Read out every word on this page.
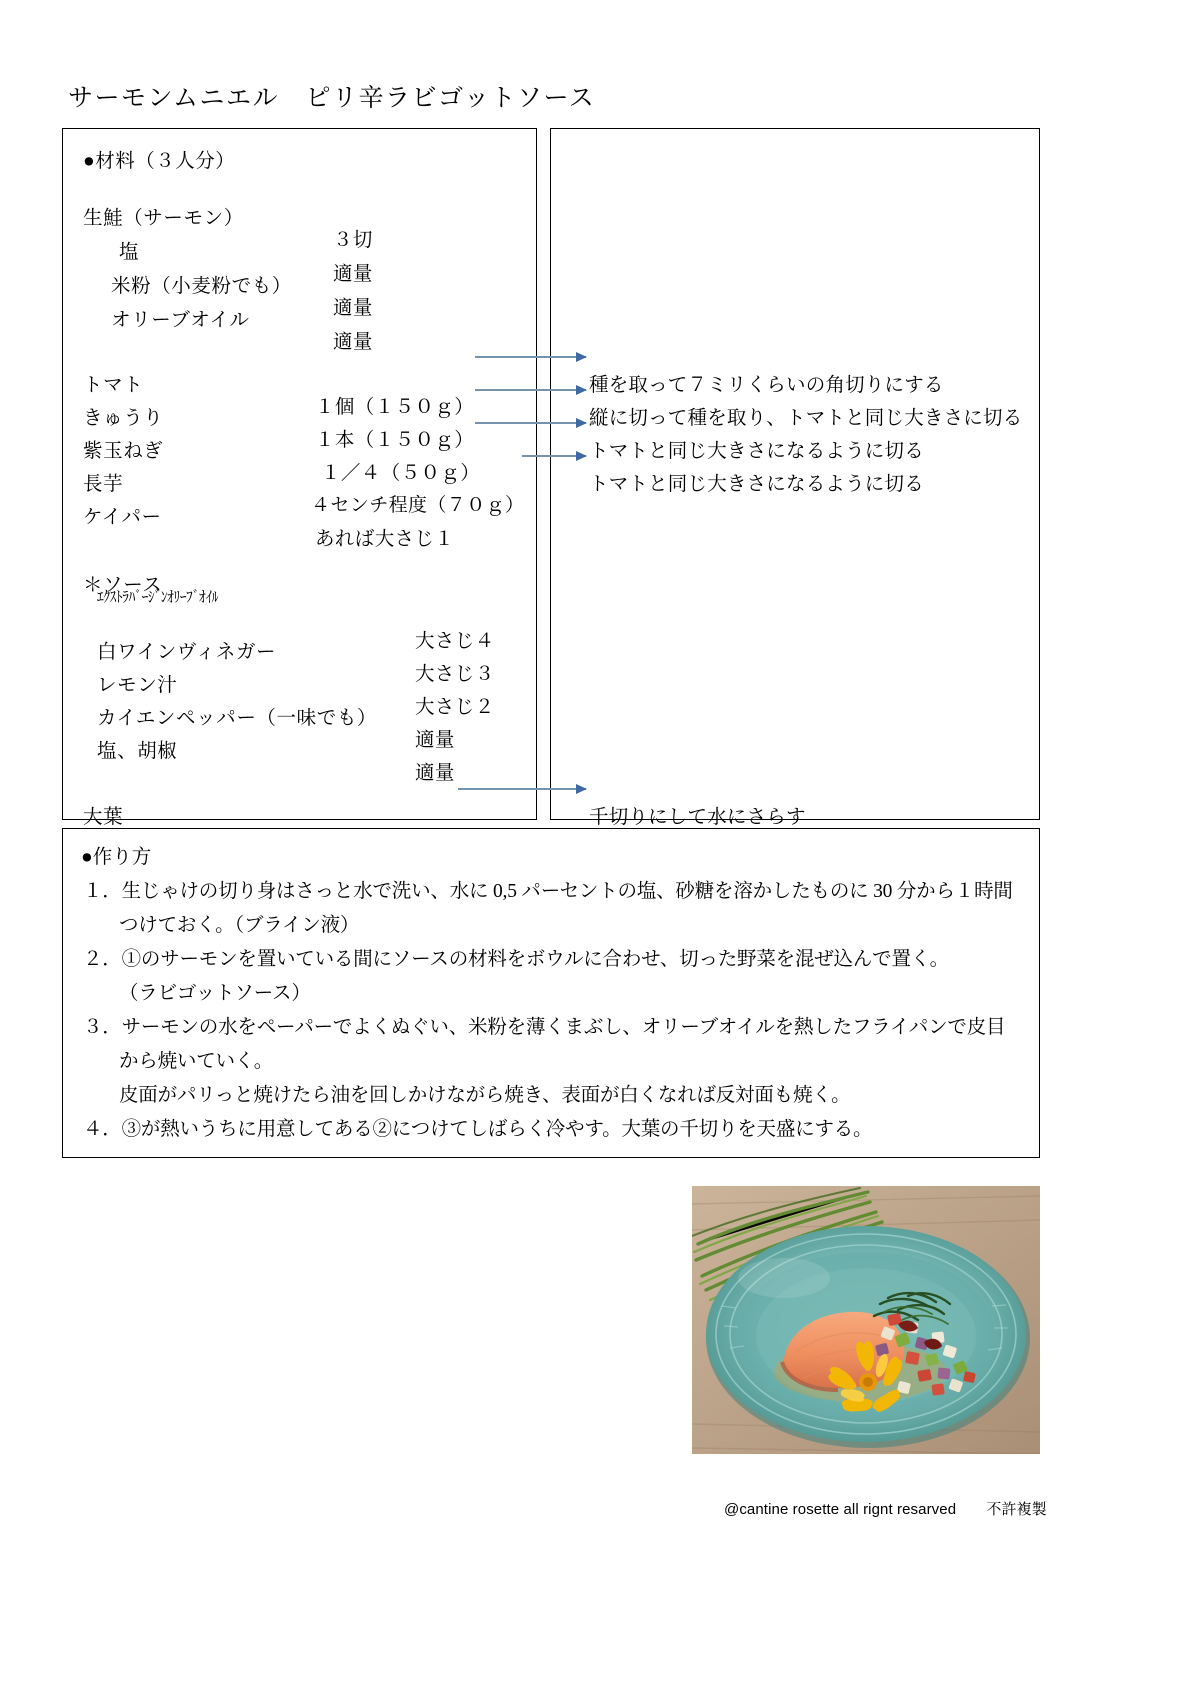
サーモンムニエル　ピリ辛ラビゴットソース
●材料（３人分）

生鮭（サーモン）

３切

塩

適量

米粉（小麦粉でも）

適量

オリーブオイル

適量

トマト

１個（１５０ｇ）

きゅうり

１本（１５０ｇ）

紫玉ねぎ

１／４（５０ｇ）

長芋

４センチ程度（７０ｇ）

ケイパー

あれば大さじ１

＊ソース

ｴｸｽﾄﾗﾊﾞｰｼﾞﾝｵﾘｰﾌﾞｵｲﾙ

大さじ４

白ワインヴィネガー

大さじ３

レモン汁

大さじ２

カイエンペッパー（一味でも）

適量

塩、胡椒

適量

大葉

種を取って７ミリくらいの角切りにする

縦に切って種を取り、トマトと同じ大きさに切る

トマトと同じ大きさになるように切る

トマトと同じ大きさになるように切る

千切りにして水にさらす

●作り方
１．生じゃけの切り身はさっと水で洗い、水に 0,5 パーセントの塩、砂糖を溶かしたものに 30 分から１時間
つけておく。（ブライン液）
２．①のサーモンを置いている間にソースの材料をボウルに合わせ、切った野菜を混ぜ込んで置く。
（ラビゴットソース）
３．サーモンの水をペーパーでよくぬぐい、米粉を薄くまぶし、オリーブオイルを熱したフライパンで皮目
から焼いていく。
皮面がパリっと焼けたら油を回しかけながら焼き、表面が白くなれば反対面も焼く。
４．③が熱いうちに用意してある②につけてしばらく冷やす。大葉の千切りを天盛にする。
@cantine rosette all rignt resarved　　不許複製
